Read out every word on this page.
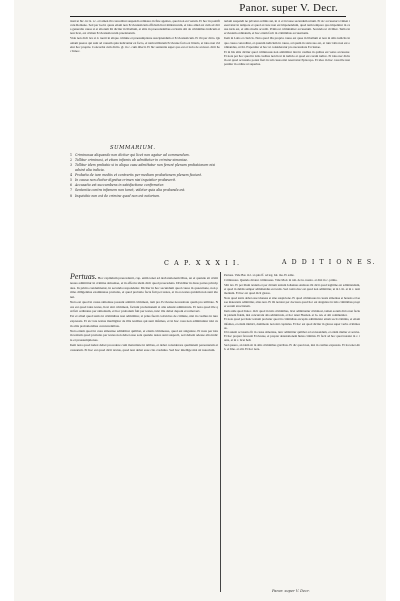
Panor. super V. Decr.

tioni ut hic. in lx. i.c. et tamen ibi conceditur suspendi ordinatos in fine agentes, quod non est verum. Et hoc in pontificatu Romano. Sed per Gold. quare etiam non Ecclesiasticum officium licet ministrorum, et ideo aliud est cum ad dicta generalia causa si et aliorum ibi dicitur in libellum, et aliis in praecedentibus ecclesiis ubi de criminibus indicum ei non licet, est crimen Ecclesiasticorum praelatorum.

Vide non dicit lex si d. tuerit in aliquo crimine et praesumptione suscipiendum et Ecclesiasticum. Et ibi per dicta. Quoniam pueros qui sunt ad causam quia iudicantur ex facto, et nam utilitatem Ecclesiae facta ex litteris, et ideo non videtur hoc proprie. Concordat cum dictis. gl. in c. cum dilecti. Et hic sententia super quo est et lacta de accusat. dicit hoc Innoc.

teriam suspendi ne privetur ordinis sui, in d. et in lasse secundum utrum. Et sic accusatori crimen reservatur in tempore et quod ex iure non est imponendum, quod nam tempore quo imponitur in causa iuris est, et aliis modis accedit. Prima ut criminaliter accusatum. Secunda ut civiliter. Tertia in ecclesiam ordinatum, et hoc etiam facit in criminibus accusationis.

Item in Laiis et clericis. Nota quod illa propria causa est quae in libellum et non in aliis iudiciis in quo causa conceditur, et quarum iudicium in causa, ad quam in statu suo est, et tunc talis non est ordinandus, ut ibi. Exponitur et hoc ut consideratur pro necessitate Ecclesiae.

Et in his aliis dicitur quod criminosus non admittitur nisi in casibus in quibus est verus accusator. Et nota per hoc quod in istis casibus non licet in iudicio et quod est coram iudice. Et ideo nec dictum est quod accusatio potest fieri in tali causa nisi reservatur Episcopo. Et ideo in hoc casu ille non ponitur in ordine ut superius.

SUMMARIUM.
1 Criminosus aliquando non dicitur qui licet non agatur ad commendum.
2 Tollitur criminosi, et etiam infamis ab admittetur in crimine simoniae.
3 Tollitur idem probatio si in aliquo casu admittatur non ferunt plenam probationem nisi adsint alia indicia.
4 Probatio de iure mediis et contrariis per mediam probationem plenam faciunt.
5 In causa non dicitur dignitas crimen nisi inquisitor probaverit.
6 Accusatio est succumbens in satisfactione confirmetur.
7 Sententia contra infamem non tenet, videtur quia alia probanda est.
8 Inquisitio non est de crimine quod non est notorium.
C A P. X X X I I.	A D D I T I O N E S.

Pertuas. Hoc capitulum praecedenti, cap. enim tenet ad declarationem illius, an et quando sit criminosus admittitur in crimine simoniae, et in effectu idem dicit quod praecedens. Dividitur in duas partes principales. In prima condemnatur, in secunda respondetur. Dicitur in hoc secundum quod causa in quaestione, non primo dilligentius examinatae probatio, et quod probatio facta fuit per testes, et in ea testes quidam non sunt idonei.

Nota est quod in causa simoniae possunt admitti criminosi, tam pro Ecclesiae necessitate quam pro utilitate. Nota est quod tales testes, licet sint criminosi, faciunt probationem si alia adsunt adminicula. Et nota quod ille qui fuit ordinatus per simoniam, et hoc probatum fuit per testes, tunc ille debet deponi et removeri.

Est et aliud quod testis in criminibus non admittitur, si prius fuerit convictus de crimine, nisi in casibus in iure expressis. Et sic iste textus intelligitur de illis testibus qui sunt infames, et in hoc casu non admittuntur nisi cum aliis probationibus concurrentibus.

Nota etiam quod in casu simoniae admittitur quilibet, et etiam criminosus, quod est singulare. Et nota per istum textum quod probatio per testes non debet esse sola quando testes sunt suspecti, sed debent adesse alia indicia et praesumptiones.

Item nota quod iudex debet procedere cum maturitate in talibus, et debet considerare qualitatem personarum et causarum. Et hoc est quod dicit textus, quod non debet esse cito credulus. Sed hoc intellige nisi sit notorium.

Pertuas. Vide Bar. in l. si quis ff. ad leg. Iul. ma. Et adde.

Criminosus. Quando dicatur criminosus. Vide Mod. in rub. de iu. nostro. et dixi in c. primo.

Sibi lex. Et per illum textum et per dictum textum Iohannes Andreas ibi dicit quod legitime est admittendum, et quod in dubiis semper admittendus est testis. Sed contra hoc est quod non admittitur, ut in l. iii. et in c. testimonium. Et hoc est quod dicit glossa.

Nota quod testis debet esse idoneus et sine suspicione. Et quod criminosus in causis simoniae et heresis et laesae maiestatis admittitur, alias non. Et ibi notatur per doctores quod hoc est singulare in istis criminibus propter eorum atrocitatem.

Item adde quod Innoc. dicit quod in istis criminibus, licet admittantur criminosi, tamen eorum dicta non faciunt plenam fidem, nisi concurrant alia adminicula, et hoc tenet Hostien. et Io. An. et alii communiter.

Et nota quod per hunc textum probatur quod in criminibus exceptis admittuntur etiam socii criminis, et etiam infames, et etiam inimici, dummodo non sint capitales. Et hoc est quod dicitur in glossa super verbo criminosus.

Ubi autem accusatio fit in causa simoniae, tunc admittitur quilibet ad accusandum, et etiam mulier et servus. Et hoc propter favorem Ecclesiae, et propter detestationem huius criminis. Et facit ad hoc quod notatur in c. tanta, et in c. licet heli.

Sed quaero, an idem sit in aliis criminibus gravibus. Et dic quod non, nisi in casibus expressis. Et ita tenet Abb. et Imo. et alii. Et hoc nota.

Panor. super V. Decr.
